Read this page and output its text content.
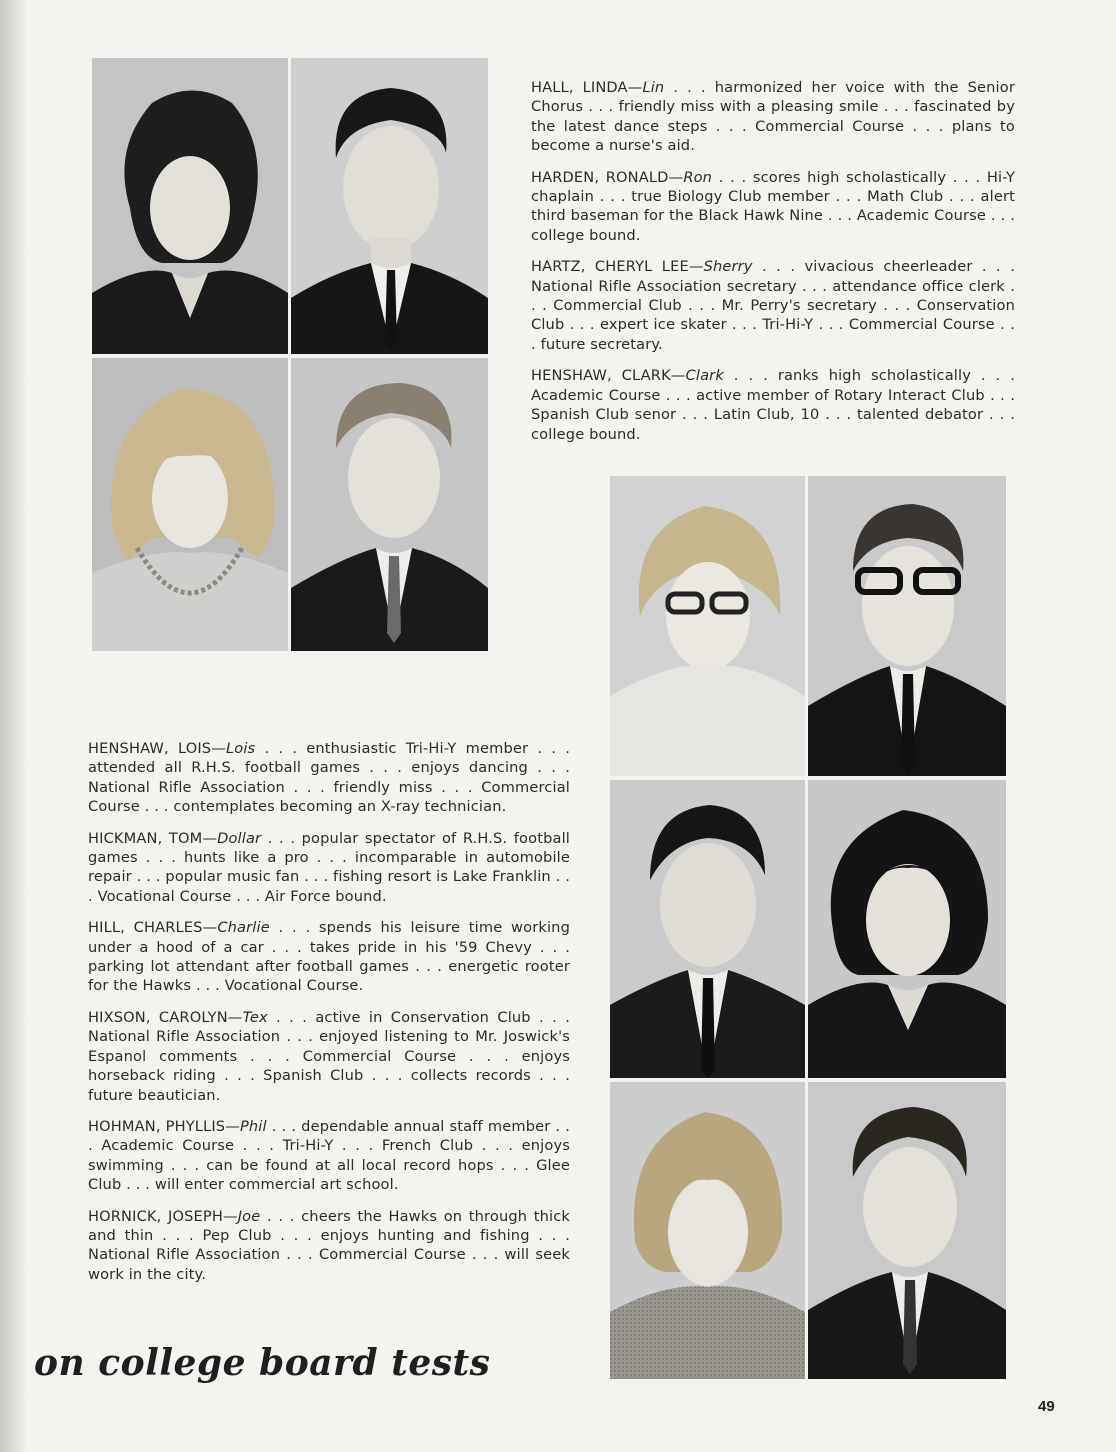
HALL, LINDA—Lin . . . harmonized her voice with the Senior Chorus . . . friendly miss with a pleasing smile . . . fascinated by the latest dance steps . . . Commercial Course . . . plans to become a nurse's aid.

HARDEN, RONALD—Ron . . . scores high scholastically . . . Hi-Y chaplain . . . true Biology Club member . . . Math Club . . . alert third baseman for the Black Hawk Nine . . . Academic Course . . . college bound.

HARTZ, CHERYL LEE—Sherry . . . vivacious cheerleader . . . National Rifle Association secretary . . . attendance office clerk . . . Commercial Club . . . Mr. Perry's secretary . . . Conservation Club . . . expert ice skater . . . Tri-Hi-Y . . . Commercial Course . . . future secretary.

HENSHAW, CLARK—Clark . . . ranks high scholastically . . . Academic Course . . . active member of Rotary Interact Club . . . Spanish Club senor . . . Latin Club, 10 . . . talented debator . . . college bound.

HENSHAW, LOIS—Lois . . . enthusiastic Tri-Hi-Y member . . . attended all R.H.S. football games . . . enjoys dancing . . . National Rifle Association . . . friendly miss . . . Commercial Course . . . contemplates becoming an X-ray technician.

HICKMAN, TOM—Dollar . . . popular spectator of R.H.S. football games . . . hunts like a pro . . . incomparable in automobile repair . . . popular music fan . . . fishing resort is Lake Franklin . . . Vocational Course . . . Air Force bound.

HILL, CHARLES—Charlie . . . spends his leisure time working under a hood of a car . . . takes pride in his '59 Chevy . . . parking lot attendant after football games . . . energetic rooter for the Hawks . . . Vocational Course.

HIXSON, CAROLYN—Tex . . . active in Conservation Club . . . National Rifle Association . . . enjoyed listening to Mr. Joswick's Espanol comments . . . Commercial Course . . . enjoys horseback riding . . . Spanish Club . . . collects records . . . future beautician.

HOHMAN, PHYLLIS—Phil . . . dependable annual staff member . . . Academic Course . . . Tri-Hi-Y . . . French Club . . . enjoys swimming . . . can be found at all local record hops . . . Glee Club . . . will enter commercial art school.

HORNICK, JOSEPH—Joe . . . cheers the Hawks on through thick and thin . . . Pep Club . . . enjoys hunting and fishing . . . National Rifle Association . . . Commercial Course . . . will seek work in the city.

on college board tests
49
